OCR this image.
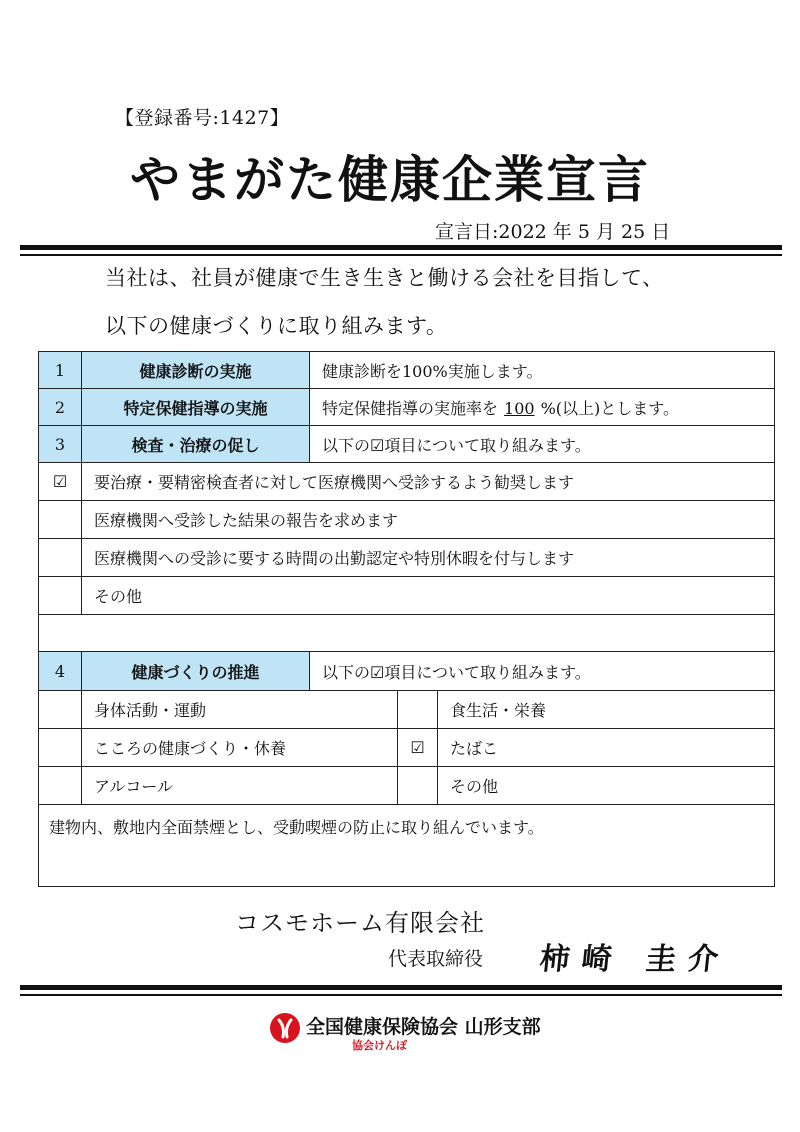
【登録番号:1427】
やまがた健康企業宣言
宣言日:2022 年 5 月 25 日
当社は、社員が健康で生き生きと働ける会社を目指して、
以下の健康づくりに取り組みます。
1	健康診断の実施	健康診断を100%実施します。		
2	特定保健指導の実施	特定保健指導の実施率を 100 %(以上)とします。		
3	検査・治療の促し	以下の☑項目について取り組みます。		
☑	要治療・要精密検査者に対して医療機関へ受診するよう勧奨します			
	医療機関へ受診した結果の報告を求めます			
	医療機関への受診に要する時間の出勤認定や特別休暇を付与します			
	その他			

4	健康づくりの推進	以下の☑項目について取り組みます。		
	身体活動・運動			食生活・栄養
	こころの健康づくり・休養		☑	たばこ
	アルコール			その他
建物内、敷地内全面禁煙とし、受動喫煙の防止に取り組んでいます。				
コスモホーム有限会社
代表取締役 柿崎 圭介
全国健康保険協会 山形支部
協会けんぽ
